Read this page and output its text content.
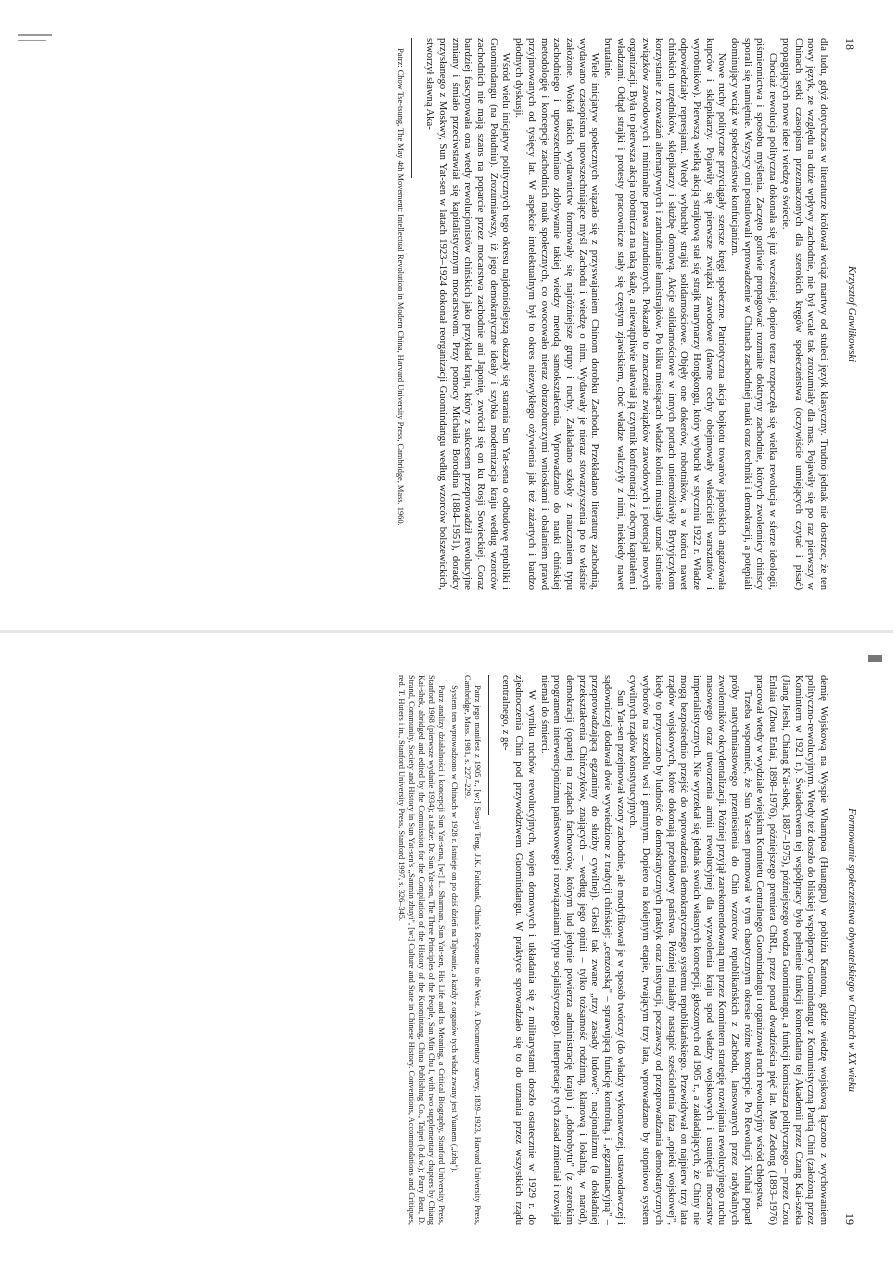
18
Krzysztof Gawlikowski

dla ludu, gdyż dotychczas w literaturze królował wciąż martwy od stuleci język klasyczny. Trudno jednak nie dostrzec, że ten nowy język, ze względu na duże wpływy zachodnie, nie był wcale tak zrozumiały dla mas. Pojawiły się po raz pierwszy w Chinach setki czasopism przeznaczonych dla szerokich kręgów społeczeństwa (oczywiście umiejących czytać i pisać) propagujących nowe idee i wiedzę o świecie.

Chociaż rewolucja polityczna dokonała się już wcześniej, dopiero teraz rozpoczęła się wielka rewolucja w sferze ideologii, piśmiennictwa i sposobu myślenia. Zaczęto gorliwie propagować rozmaite doktryny zachodnie, których zwolennicy chińscy sporali się namiętnie. Wszyscy oni postulowali wprowadzenie w Chinach zachodniej nauki oraz techniki i demokracji, a potępiali dominujący wciąż w społeczeństwie konfucjanizm.

Nowe ruchy polityczne przyciągały szersze kręgi społeczne. Patriotyczna akcja bojkotu towarów japońskich angażowała kupców i sklepikarzy. Pojawiły się pierwsze związki zawodowe (dawne cechy obejmowały właścicieli warsztatów i wyrobników). Pierwszą wielką akcją strajkową stał się strajk marynarzy Hongkongu, który wybuchł w styczniu 1922 r. Władze odpowiedziały represjami. Wtedy wybuchły strajki solidarnościowe. Objęły one dokerów, robotników, a w końcu nawet chińskich urzędników, sklepikarzy i służbę domową. Akcje solidarnościowe w innych portach uniemożliwiły Brytyjczykom korzystanie z rozważań alternatywnych i zatrudnianie łamistrajków. Po kilku miesiącach władze kolonii musiały uznać istnienie związków zawodowych i minimalne prawa zatrudnionych. Pokazało to znaczenie związków zawodowych i potencjał nowych organizacji. Była to pierwsza akcja robotnicza na taką skalę, a niewątpliwie ułatwiał ją czynnik konfrontacji z obcym kapitałem i władzami. Odtąd strajki i protesty pracownicze stały się częstym zjawiskiem, choć władze walczyły z nimi, niekiedy nawet brutalnie.

Wiele inicjatyw społecznych wiązało się z przyswajaniem Chinom dorobku Zachodu. Przekładano literaturę zachodnią, wydawano czasopisma upowszechniające myśl Zachodu i wiedzę o nim. Wydawały je nieraz stowarzyszenia po to właśnie założone. Wokół takich wydawnictw formowały się najróżniejsze grupy i ruchy. Zakładano szkoły z nauczaniem typu zachodniego i upowszechniano zdobywanie takiej wiedzy metodą samokształcenia. Wprowadzano do nauki chińskiej metodologię i koncepcje zachodnich nauk społecznych, co owocowało nieraz obrazoburczymi wnioskami i obalaniem prawd przyjmowanych od tysięcy lat. W aspekcie intelektualnym był to okres niezwykłego ożywienia jak też zażartych i bardzo płodnych dyskusji.

Wśród wielu inicjatyw politycznych tego okresu najdonioślejszą okazały się starania Sun Yat-sena o odbudowę republiki i Guomindangu (na Południu). Zrozumiawszy, iż jego demokratyczne ideały i szybka modernizacja kraju według wzorców zachodnich nie mają szans na poparcie przez mocarstwa zachodnie ani Japonię, zwrócił się on ku Rosji Sowieckiej. Coraz bardziej fascynowała ona wtedy rewolucjonistów chińskich jako przykład kraju, który z sukcesem przeprowadził rewolucyjne zmiany i śmiało przeciwstawiał się kapitalistycznym mocarstwom. Przy pomocy Michaiła Borodina (1884–1951), doradcy przysłanego z Moskwy, Sun Yat-sen w latach 1923–1924 dokonał reorganizacji Guomindangu według wzorców bolszewickich, stworzył sławną Aka-

Patrz: Chow Tse-tsung, The May 4th Movement: Intellectual Revolution in Modern China, Harvard University Press, Cambridge, Mass. 1960.

Formowanie społeczeństwa obywatelskiego w Chinach w XX wieku
19

demię Wojskową na Wyspie Whampoa (Huangpu) w pobliżu Kantonu, gdzie wiedzę wojskową łączono z wychowaniem polityczno-rewolucyjnym. Wtedy też doszło do bliskiej współpracy Guomindangu z Komunistyczną Partią Chin (założoną przez Komintern w 1921 r.). Świadectwem tej współpracy było pełnienie funkcji komendanta tej Akademii przez Czang Kai-szeka (Jiang Jieshi, Chiang K'ai-shek, 1887–1975), późniejszego wodza Guomintangu, a funkcji komisarza politycznego – przez Czou Enlaia (Zhou Enlai, 1898–1976), późniejszego premiera ChRL, przez ponad dwadzieścia pięć lat. Mao Zedong (1893–1976) pracował wtedy w wydziale wiejskim Komitetu Centralnego Guomindangu i organizował ruch rewolucyjny wśród chłopstwa.

Trzeba wspomnieć, że Sun Yat-sen promował w tym chaotycznym okresie różne koncepcje. Po Rewolucji Xinhai poparł próby natychmiastowego przeniesienia do Chin wzorców republikańskich z Zachodu, lansowanych przez radykalnych zwolenników okcydentalizacji. Później przyjął zarekomendowaną mu przez Komintern strategię rozwijania rewolucyjnego ruchu masowego oraz utworzenia armii rewolucyjnej dla wyzwolenia kraju spod władzy wojskowych i usunięcia mocarstw imperialistycznych. Nie wyrzekał się jednak swoich własnych koncepcji, głoszonych od 1905 r., a zakładających, że Chiny nie mogą bezpośrednio przejść do wprowadzenia demokratycznego systemu republikańskiego. Przewidywał on najpierw trzy lata rządów wojskowych, które dokonają przebudowy państwa. Później miałaby nastąpić sześcioletnia faza „opieki wojskowej", kiedy to przyuczano by ludność do demokratycznych praktyk oraz instytucji, poczawszy od przeprowadzania demokratycznych wyborów na szczeblu wsi i gminnym. Dopiero na kolejnym etapie, trwającym trzy lata, wprowadzano by stopniowo system cywilnych rządów konstytucyjnych.

Sun Yat-sen przejmował wzory zachodnie, ale modyfikował je w sposób twórczy (do władzy wykonawczej, ustawodawczej i sądowniczej dodawał dwie wywiedzione z tradycji chińskiej: „cenzorską" – sprawującą funkcję kontrolną, i „egzaminacyjną" – przeprowadzającą egzaminy do służby cywilnej). Głosił tak zwane „trzy zasady ludowe": nacjonalizmu (a dokładniej przekształcenia Chińczyków, znających – według jego opinii – tylko tożsamość rodzinną, klanową i lokalną, w naród), demokracji (opartej na rządach fachowców, którym lud jedynie powierza administrację kraju) i „dobrobytu" (z szerokim programem interwencjonizmu państwowego i rozwiązaniami typu socjalistycznego). Interpretacje tych zasad zmieniał i rozwijał niemal do śmierci.

W wyniku ruchów rewolucyjnych, wojen domowych i układania się z militarystami doszło ostatecznie w 1929 r. do zjednoczenia Chin pod przywództwem Guomindangu. W praktyce sprowadzało się to do uznania przez wszystkich rządu centralnego, z ge-

Patrz jego manifest z 1905 r., [w:] Ssu-yü Teng, J.K. Fairbank, China's Response to the West. A Documentary survey, 1839–1923, Harvard University Press, Cambridge, Mass. 1981, s. 227–229.

System ten wprowadzono w Chinach w 1928 r. Istnieje on po dziś dzień na Tajwanie, a każdy z organów tych władz zwany jest Yuanem („izbą").

Patrz analizy działalności i koncepcji Sun Yat-sena, [w:] L. Sharman, Sun Yat-sen, His Life and Its Meaning, a Critical Biography, Stanford University Press, Stanford 1968 (pierwsze wydanie 1934); a także: Dr. Sun Yat-sen, The Three Principles of the People, San Min Chu I, with two supplementary chapters by Chiang Kai-shek, abridged and edited by the Commission for the Compilation of the History of the Kuomintang, China Publishing Co., Taipei (b.d.w.); Parry Beat, D. Strand, Community, Society and History in Sun Yat-sen's „Sanmin zhuyi", [w:] Culture and State in Chinese History. Conventions, Accommodations and Critiques, red. T. Huters i in., Stanford University Press, Stanford 1997, s. 326–345.
